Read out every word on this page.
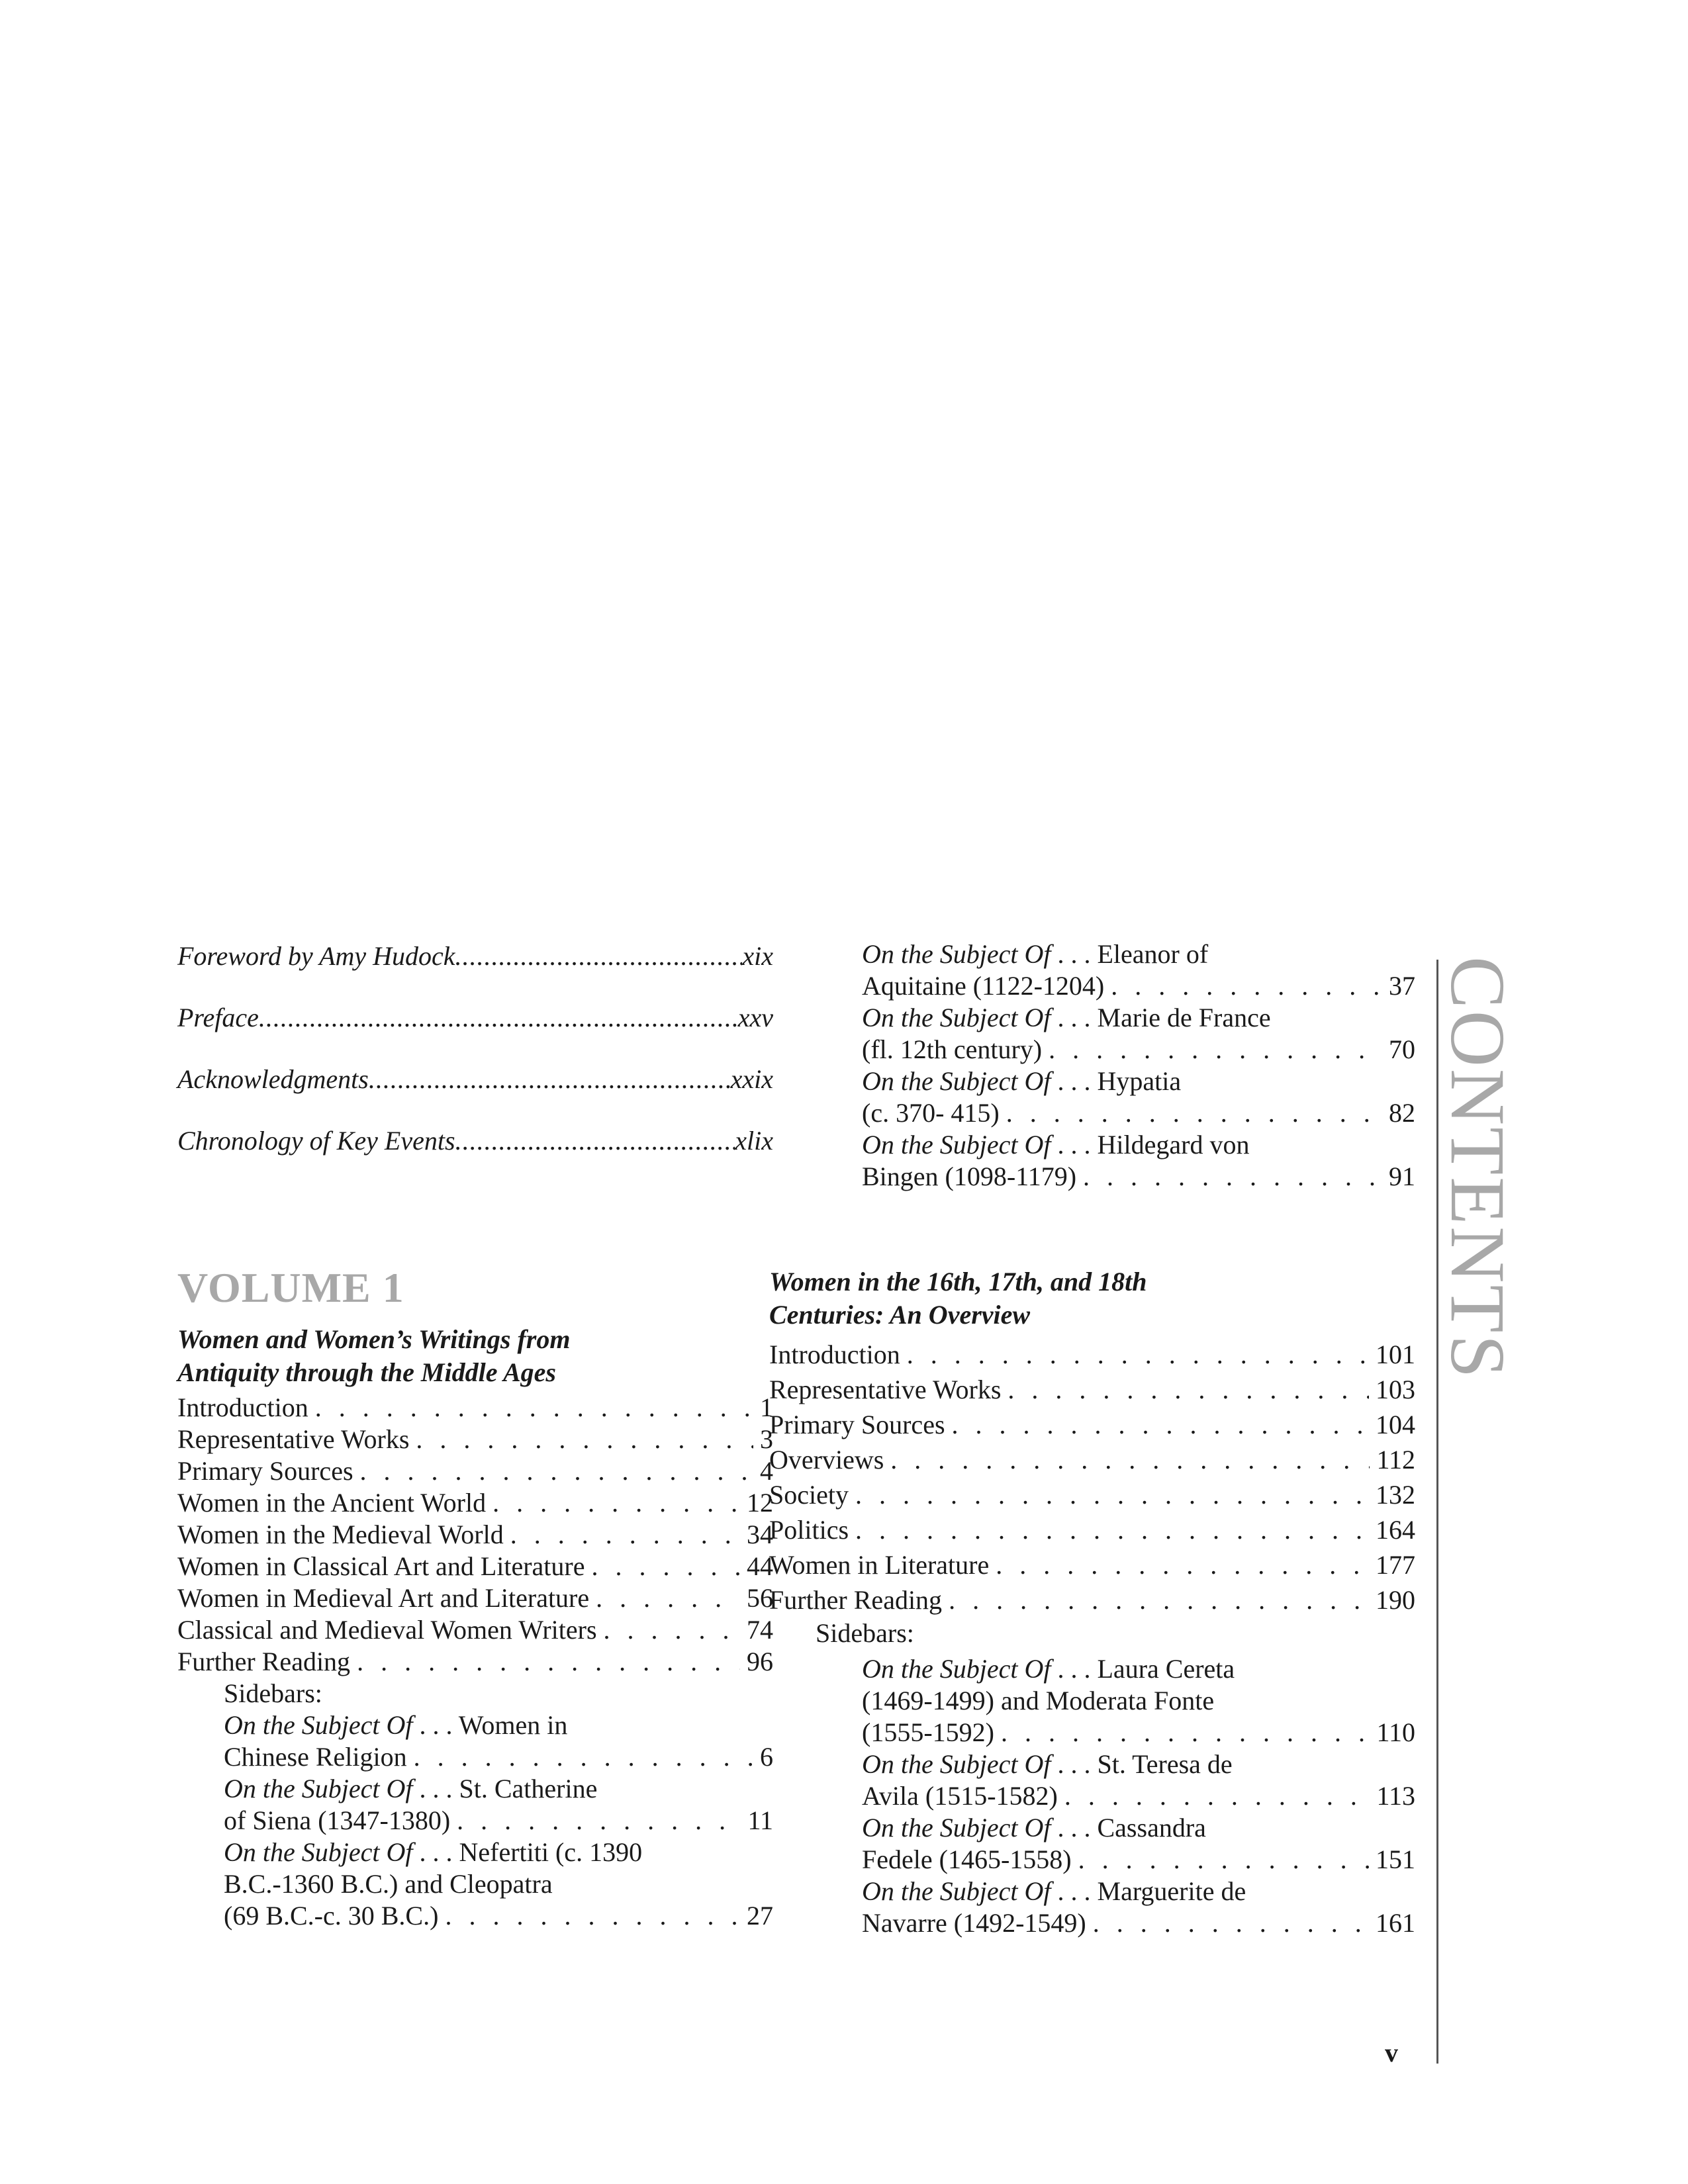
Foreword by Amy Hudock .....	xix
Preface .....	xxv
Acknowledgments .....	xxix
Chronology of Key Events .....	xlix
VOLUME 1
Women and Women’s Writings from
Antiquity through the Middle Ages
Introduction . . .	1
Representative Works . . .	3
Primary Sources . . .	4
Women in the Ancient World . . .	12
Women in the Medieval World . . .	34
Women in Classical Art and Literature . . .	44
Women in Medieval Art and Literature . . .	56
Classical and Medieval Women Writers . . .	74
Further Reading . . .	96
Sidebars:
On the Subject Of . . . Women in
Chinese Religion . . .	6
On the Subject Of . . . St. Catherine
of Siena (1347-1380) . . .	11
On the Subject Of . . . Nefertiti (c. 1390
B.C.-1360 B.C.) and Cleopatra
(69 B.C.-c. 30 B.C.) . . .	27
On the Subject Of . . . Eleanor of
Aquitaine (1122-1204) . . .	37
On the Subject Of . . . Marie de France
(fl. 12th century) . . .	70
On the Subject Of . . . Hypatia
(c. 370- 415) . . .	82
On the Subject Of . . . Hildegard von
Bingen (1098-1179) . . .	91
Women in the 16th, 17th, and 18th
Centuries: An Overview
Introduction . . .	101
Representative Works . . .	103
Primary Sources . . .	104
Overviews . . .	112
Society . . .	132
Politics . . .	164
Women in Literature . . .	177
Further Reading . . .	190
Sidebars:
On the Subject Of . . . Laura Cereta
(1469-1499) and Moderata Fonte
(1555-1592) . . .	110
On the Subject Of . . . St. Teresa de
Avila (1515-1582) . . .	113
On the Subject Of . . . Cassandra
Fedele (1465-1558) . . .	151
On the Subject Of . . . Marguerite de
Navarre (1492-1549) . . .	161
CONTENTS
v
